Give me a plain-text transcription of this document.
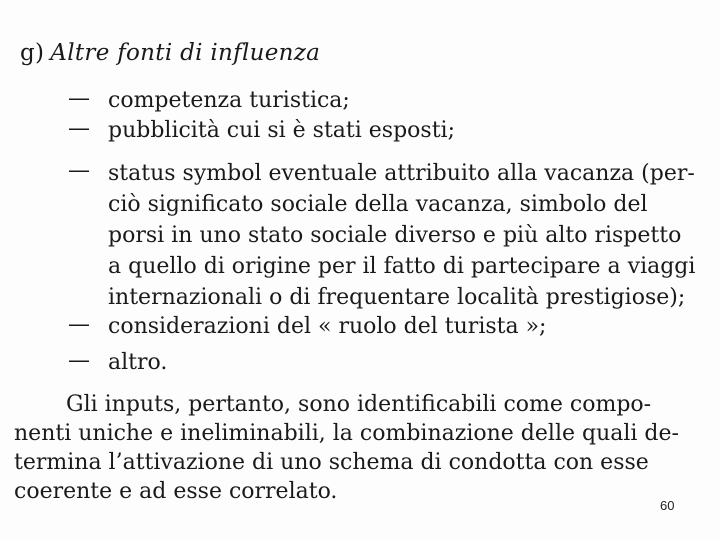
g) Altre fonti di influenza
— competenza turistica;
— pubblicità cui si è stati esposti;
— status symbol eventuale attribuito alla vacanza (per-
ciò significato sociale della vacanza, simbolo del
porsi in uno stato sociale diverso e più alto rispetto
a quello di origine per il fatto di partecipare a viaggi
internazionali o di frequentare località prestigiose);
— considerazioni del « ruolo del turista »;
— altro.
Gli inputs, pertanto, sono identificabili come compo-
nenti uniche e ineliminabili, la combinazione delle quali de-
termina l’attivazione di uno schema di condotta con esse
coerente e ad esse correlato.
60
